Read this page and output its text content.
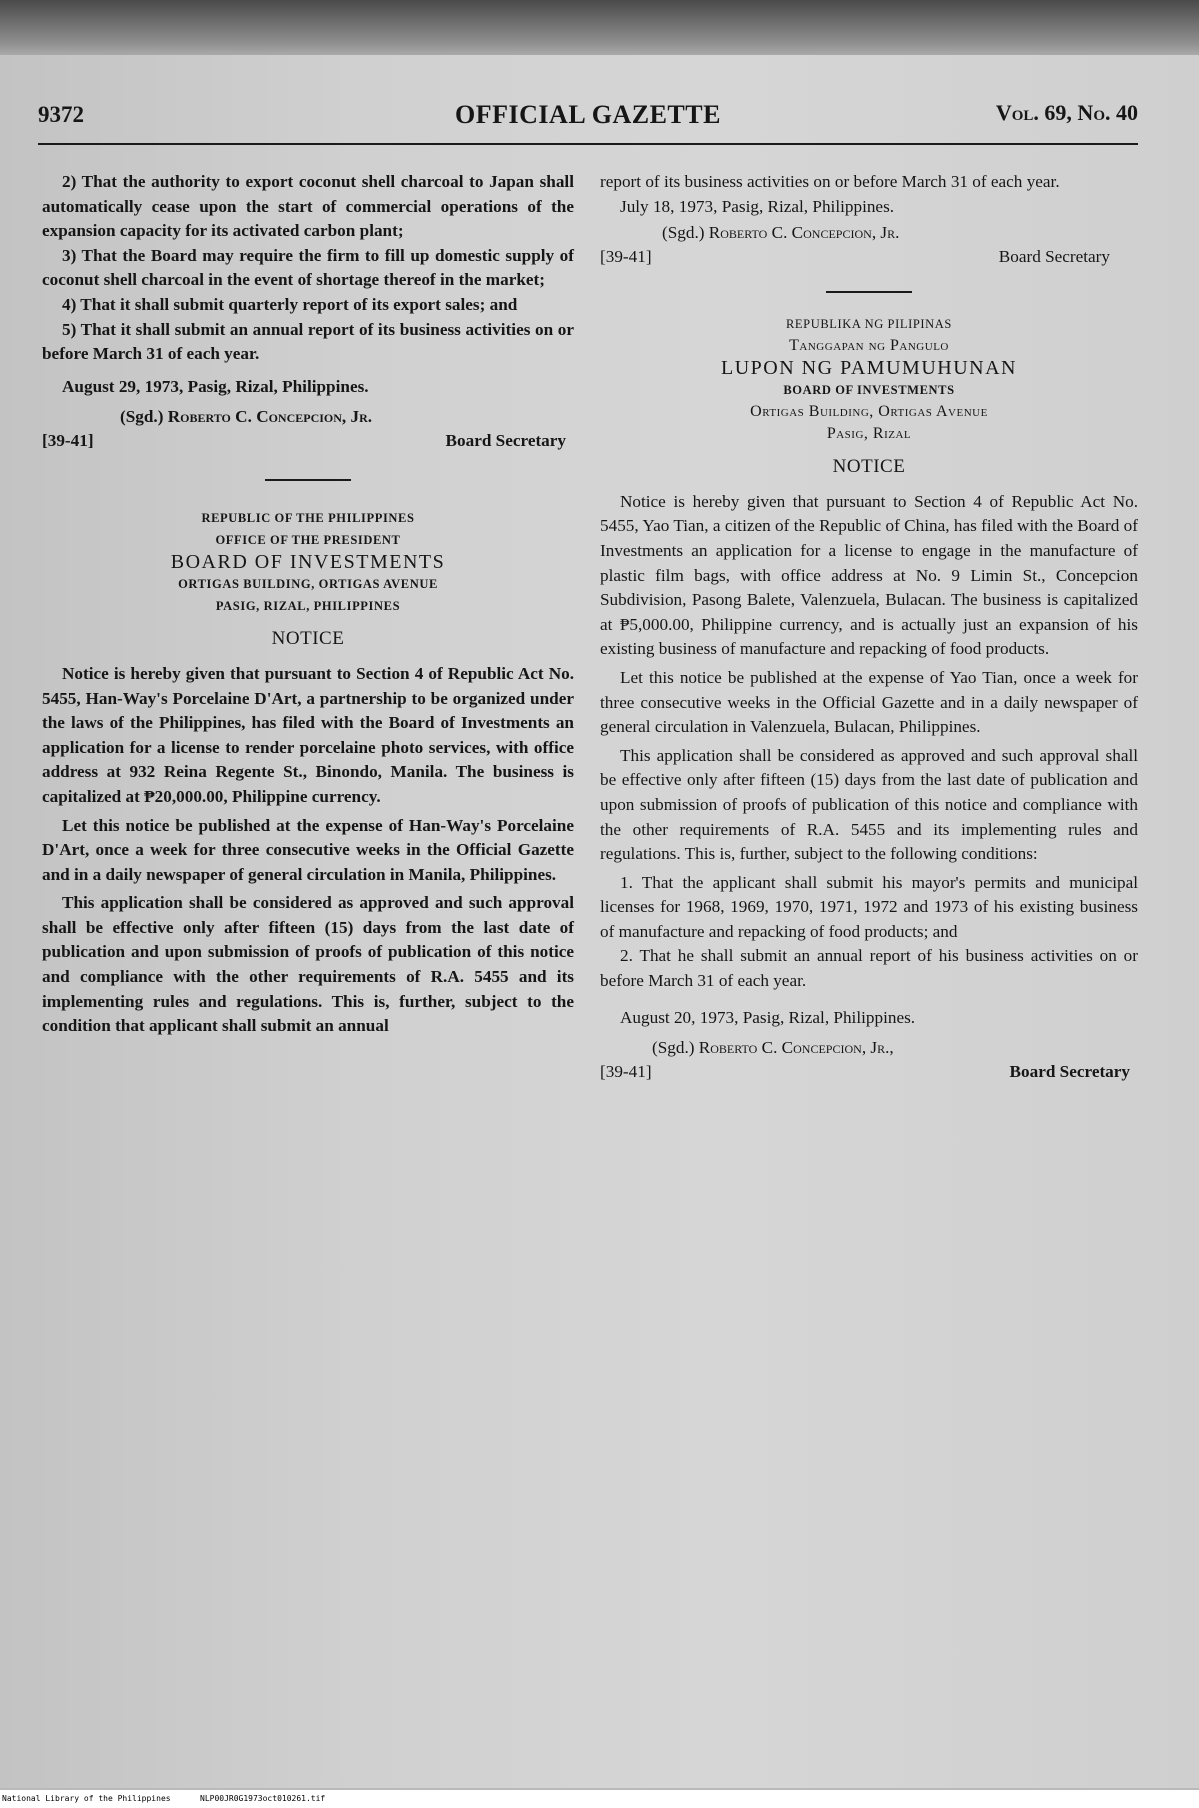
9372	OFFICIAL GAZETTE	Vol. 69, No. 40

2) That the authority to export coconut shell charcoal to Japan shall automatically cease upon the start of commercial operations of the expansion capacity for its activated carbon plant;

3) That the Board may require the firm to fill up domestic supply of coconut shell charcoal in the event of shortage thereof in the market;

4) That it shall submit quarterly report of its export sales; and

5) That it shall submit an annual report of its business activities on or before March 31 of each year.

August 29, 1973, Pasig, Rizal, Philippines.

(Sgd.) Roberto C. Concepcion, Jr.
[39-41]	Board Secretary
REPUBLIC OF THE PHILIPPINES
OFFICE OF THE PRESIDENT
BOARD OF INVESTMENTS
ORTIGAS BUILDING, ORTIGAS AVENUE
PASIG, RIZAL, PHILIPPINES
NOTICE

Notice is hereby given that pursuant to Section 4 of Republic Act No. 5455, Han-Way's Porcelaine D'Art, a partnership to be organized under the laws of the Philippines, has filed with the Board of Investments an application for a license to render porcelaine photo services, with office address at 932 Reina Regente St., Binondo, Manila. The business is capitalized at ₱20,000.00, Philippine currency.

Let this notice be published at the expense of Han-Way's Porcelaine D'Art, once a week for three consecutive weeks in the Official Gazette and in a daily newspaper of general circulation in Manila, Philippines.

This application shall be considered as approved and such approval shall be effective only after fifteen (15) days from the last date of publication and upon submission of proofs of publication of this notice and compliance with the other requirements of R.A. 5455 and its implementing rules and regulations. This is, further, subject to the condition that applicant shall submit an annual

report of its business activities on or before March 31 of each year.

July 18, 1973, Pasig, Rizal, Philippines.

(Sgd.) Roberto C. Concepcion, Jr.
[39-41]	Board Secretary
REPUBLIKA NG PILIPINAS
Tanggapan ng Pangulo
LUPON NG PAMUMUHUNAN
BOARD OF INVESTMENTS
Ortigas Building, Ortigas Avenue
Pasig, Rizal
NOTICE

Notice is hereby given that pursuant to Section 4 of Republic Act No. 5455, Yao Tian, a citizen of the Republic of China, has filed with the Board of Investments an application for a license to engage in the manufacture of plastic film bags, with office address at No. 9 Limin St., Concepcion Subdivision, Pasong Balete, Valenzuela, Bulacan. The business is capitalized at ₱5,000.00, Philippine currency, and is actually just an expansion of his existing business of manufacture and repacking of food products.

Let this notice be published at the expense of Yao Tian, once a week for three consecutive weeks in the Official Gazette and in a daily newspaper of general circulation in Valenzuela, Bulacan, Philippines.

This application shall be considered as approved and such approval shall be effective only after fifteen (15) days from the last date of publication and upon submission of proofs of publication of this notice and compliance with the other requirements of R.A. 5455 and its implementing rules and regulations. This is, further, subject to the following conditions:

1. That the applicant shall submit his mayor's permits and municipal licenses for 1968, 1969, 1970, 1971, 1972 and 1973 of his existing business of manufacture and repacking of food products; and

2. That he shall submit an annual report of his business activities on or before March 31 of each year.

August 20, 1973, Pasig, Rizal, Philippines.

(Sgd.) Roberto C. Concepcion, Jr.,
[39-41]	Board Secretary
National Library of the Philippines	NLP00JR0G1973oct010261.tif
